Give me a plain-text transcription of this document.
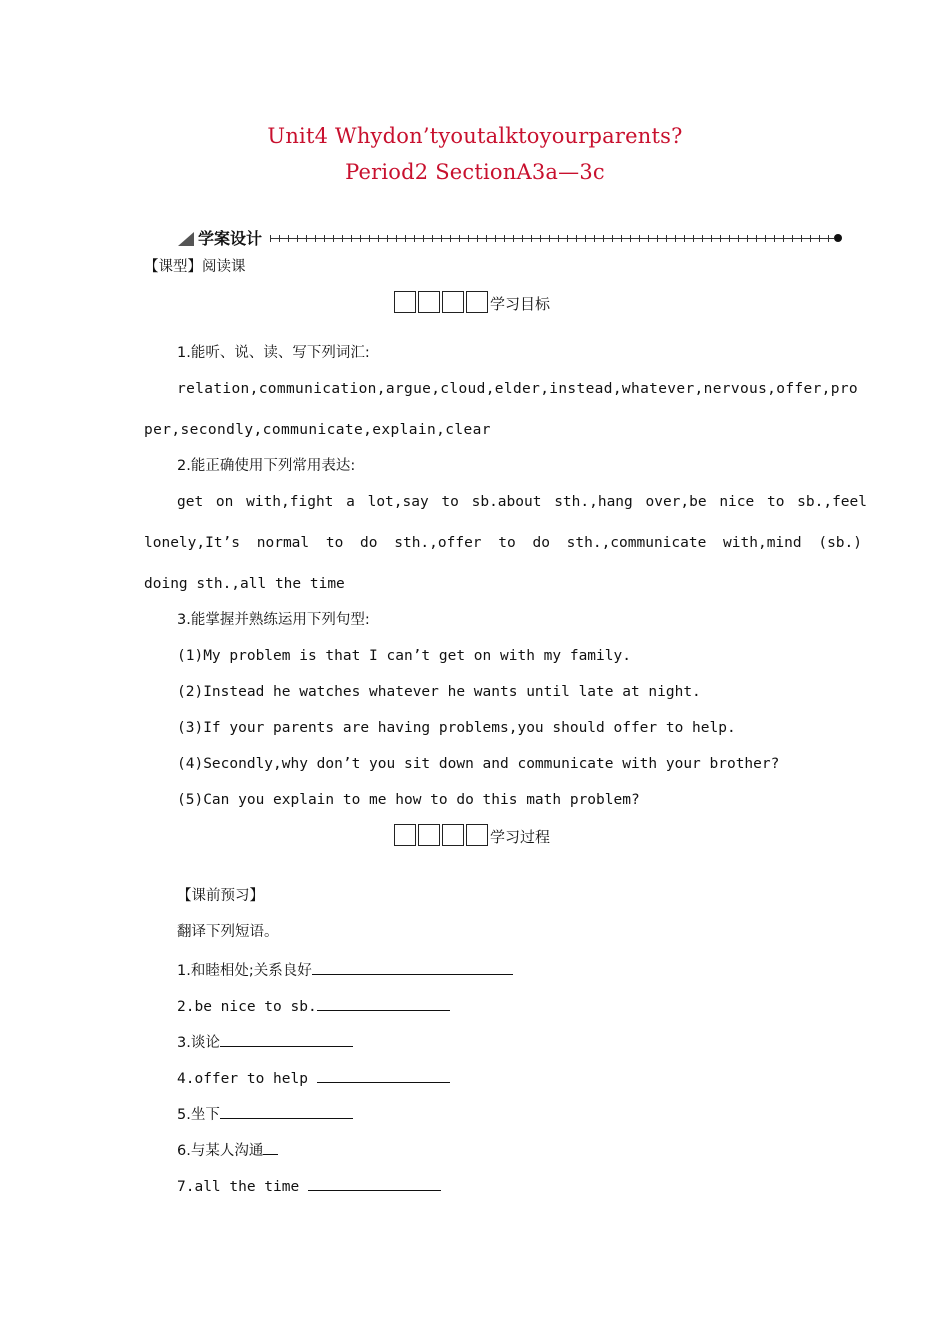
Unit4 Whydon’tyoutalktoyourparents?
Period2 SectionA3a—3c
学案设计
【课型】阅读课
学习目标
1.能听、说、读、写下列词汇:
relation,communication,argue,cloud,elder,instead,whatever,nervous,offer,pro
per,secondly,communicate,explain,clear
2.能正确使用下列常用表达:
get on with,fight a lot,say to sb.about sth.,hang over,be nice to sb.,feel
lonely,It’s normal to do sth.,offer to do sth.,communicate with,mind (sb.)
doing sth.,all the time
3.能掌握并熟练运用下列句型:
(1)My problem is that I can’t get on with my family.
(2)Instead he watches whatever he wants until late at night.
(3)If your parents are having problems,you should offer to help.
(4)Secondly,why don’t you sit down and communicate with your brother?
(5)Can you explain to me how to do this math problem?
学习过程
【课前预习】
翻译下列短语。
1.和睦相处;关系良好
2.be nice to sb.
3.谈论
4.offer to help
5.坐下
6.与某人沟通
7.all the time
